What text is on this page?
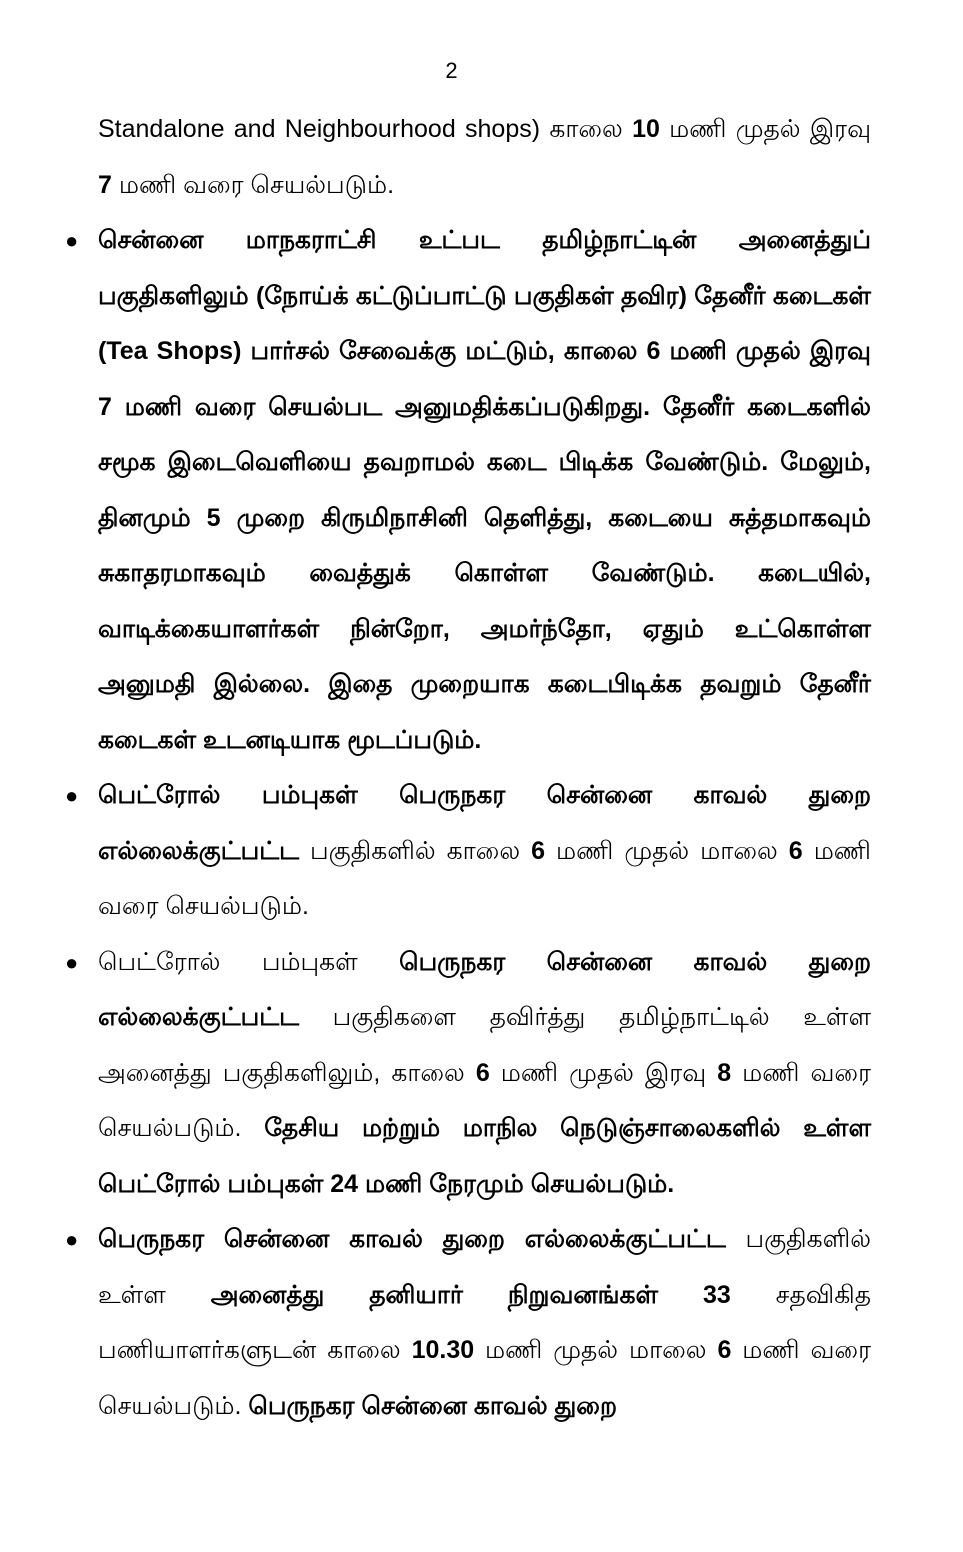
2

Standalone and Neighbourhood shops) காலை 10 மணி முதல் இரவு 7 மணி வரை செயல்படும்.

● சென்னை மாநகராட்சி உட்பட தமிழ்நாட்டின் அனைத்துப் பகுதிகளிலும் (நோய்க் கட்டுப்பாட்டு பகுதிகள் தவிர) தேனீர் கடைகள் (Tea Shops) பார்சல் சேவைக்கு மட்டும், காலை 6 மணி முதல் இரவு 7 மணி வரை செயல்பட அனுமதிக்கப்படுகிறது. தேனீர் கடைகளில் சமூக இடைவெளியை தவறாமல் கடை பிடிக்க வேண்டும். மேலும், தினமும் 5 முறை கிருமிநாசினி தெளித்து, கடையை சுத்தமாகவும் சுகாதரமாகவும் வைத்துக் கொள்ள வேண்டும். கடையில், வாடிக்கையாளர்கள் நின்றோ, அமர்ந்தோ, ஏதும் உட்கொள்ள அனுமதி இல்லை. இதை முறையாக கடைபிடிக்க தவறும் தேனீர் கடைகள் உடனடியாக மூடப்படும்.

● பெட்ரோல் பம்புகள் பெருநகர சென்னை காவல் துறை எல்லைக்குட்பட்ட பகுதிகளில் காலை 6 மணி முதல் மாலை 6 மணி வரை செயல்படும்.

● பெட்ரோல் பம்புகள் பெருநகர சென்னை காவல் துறை எல்லைக்குட்பட்ட பகுதிகளை தவிர்த்து தமிழ்நாட்டில் உள்ள அனைத்து பகுதிகளிலும், காலை 6 மணி முதல் இரவு 8 மணி வரை செயல்படும். தேசிய மற்றும் மாநில நெடுஞ்சாலைகளில் உள்ள பெட்ரோல் பம்புகள் 24 மணி நேரமும் செயல்படும்.

● பெருநகர சென்னை காவல் துறை எல்லைக்குட்பட்ட பகுதிகளில் உள்ள அனைத்து தனியார் நிறுவனங்கள் 33 சதவிகித பணியாளர்களுடன் காலை 10.30 மணி முதல் மாலை 6 மணி வரை செயல்படும். பெருநகர சென்னை காவல் துறை
